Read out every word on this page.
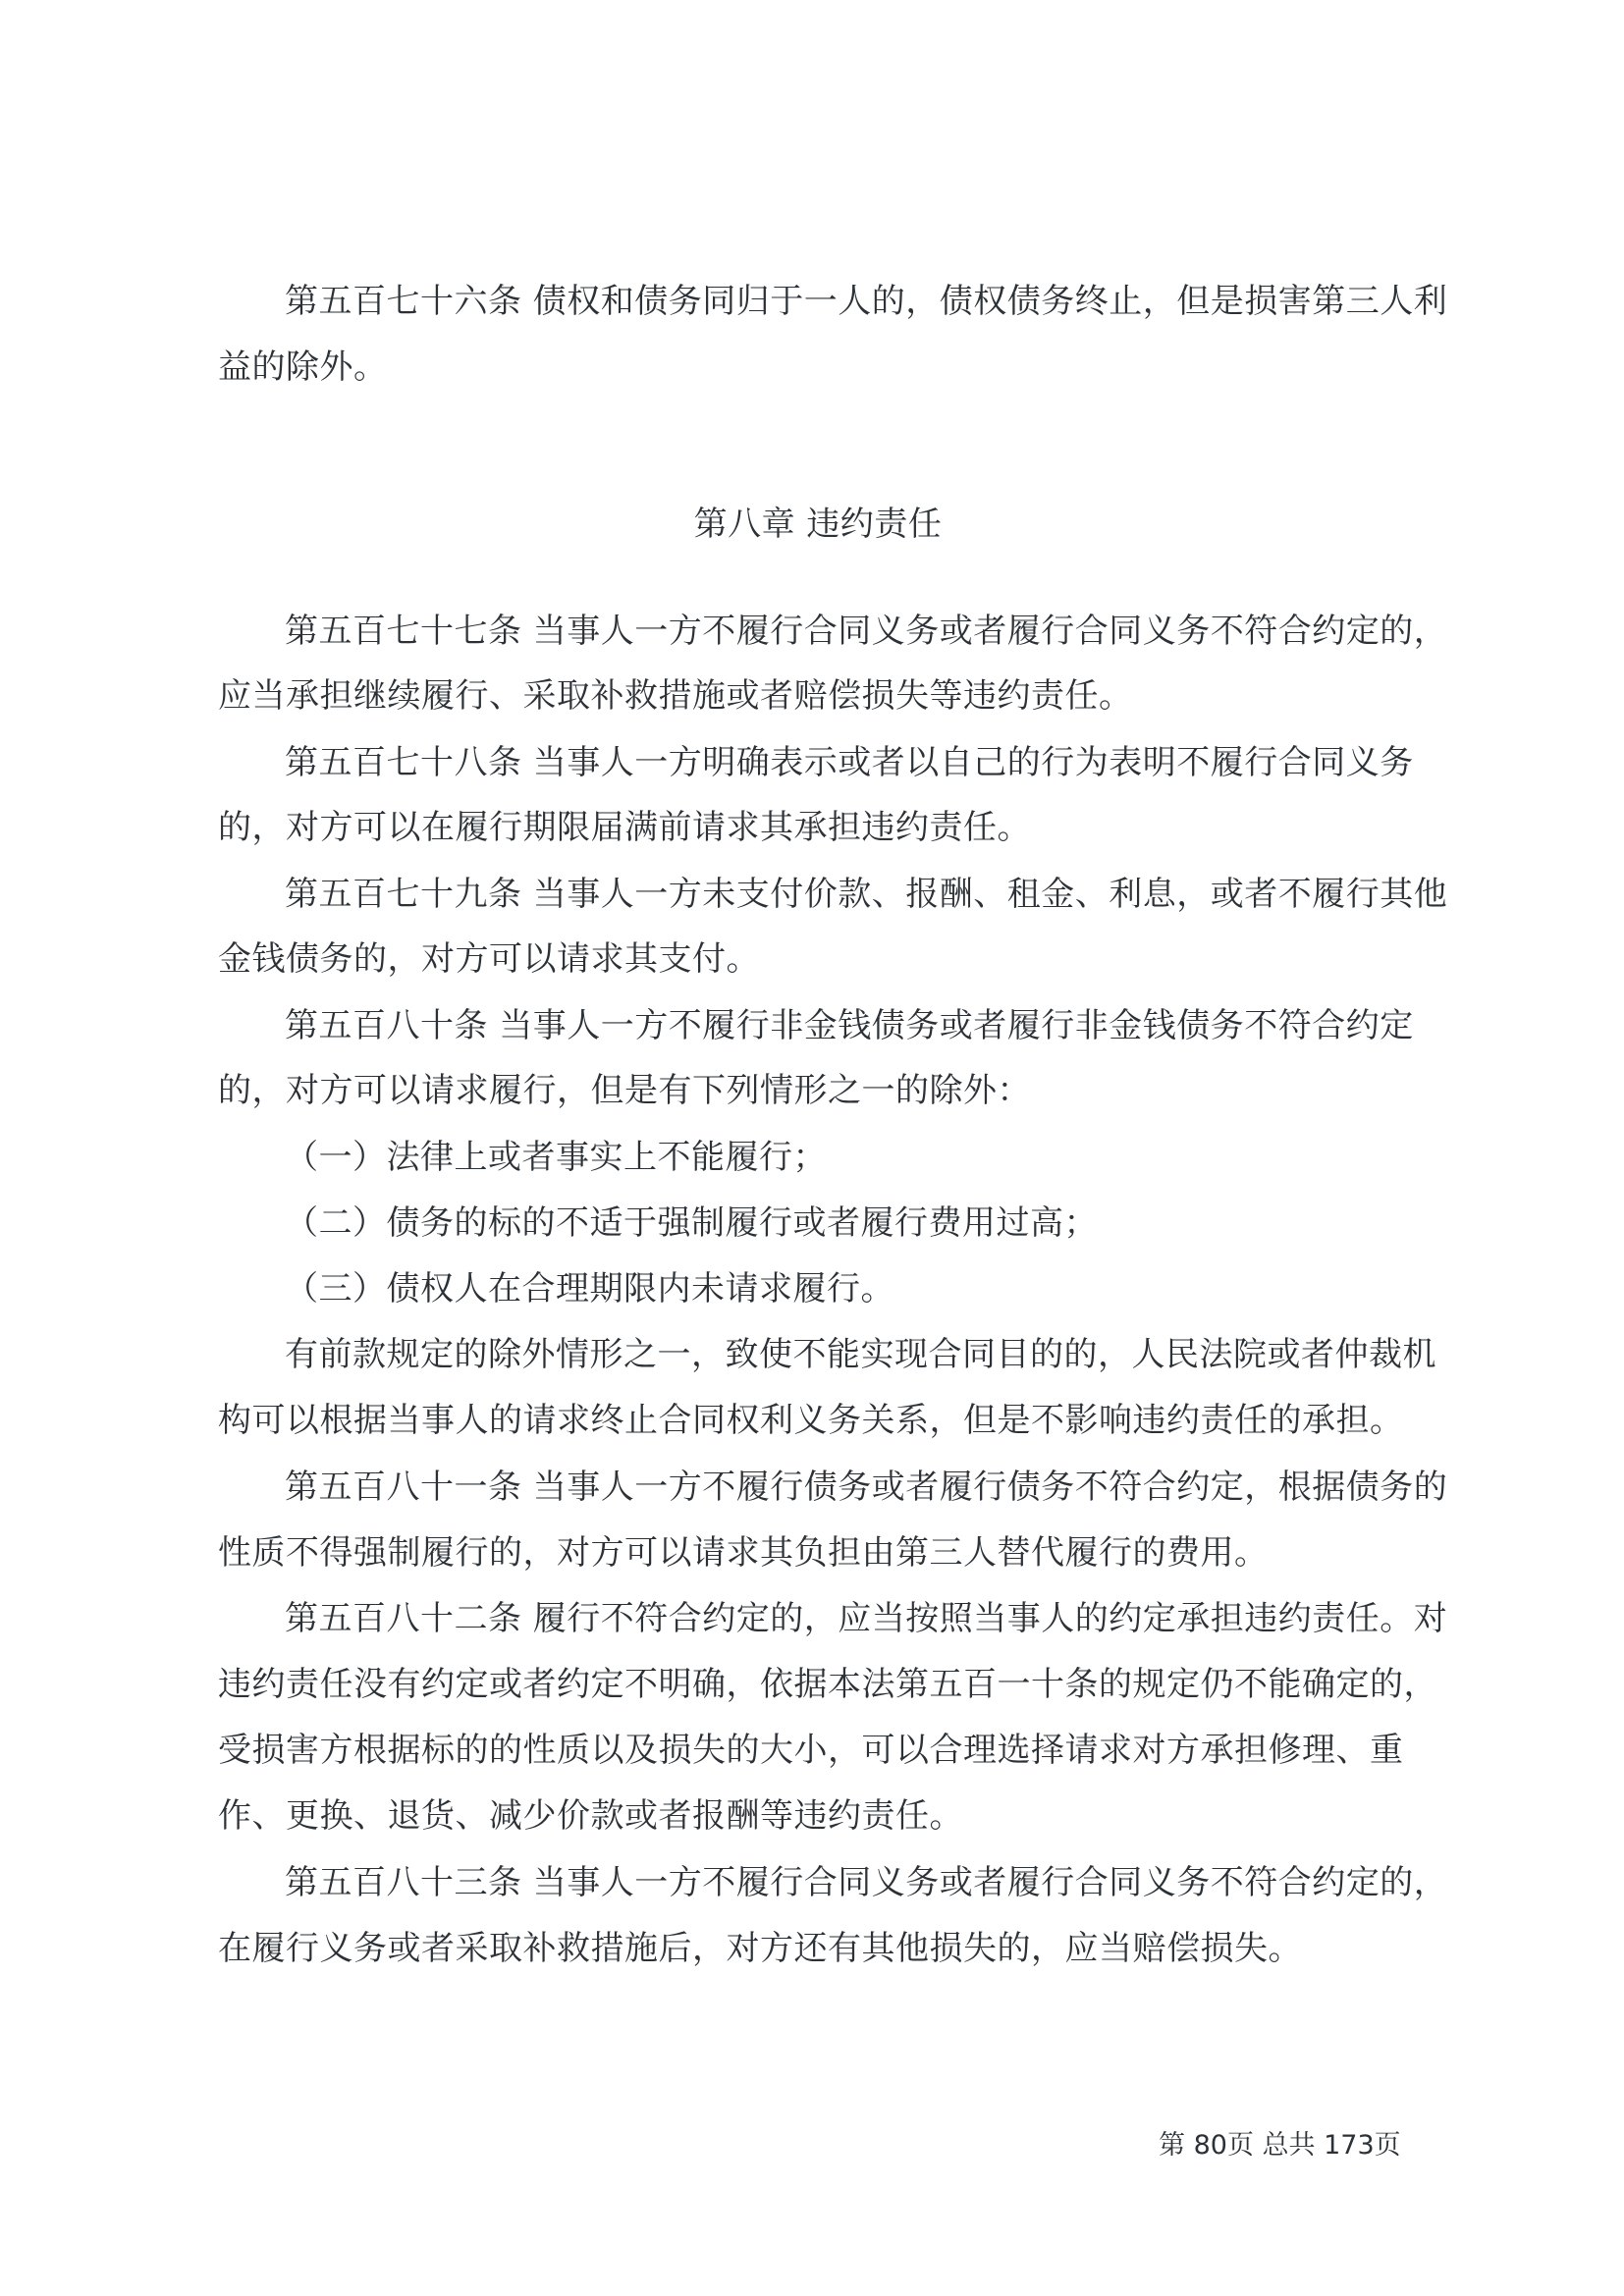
第五百七十六条 债权和债务同归于一人的，债权债务终止，但是损害第三人利
益的除外。
第八章 违约责任
第五百七十七条 当事人一方不履行合同义务或者履行合同义务不符合约定的，
应当承担继续履行、采取补救措施或者赔偿损失等违约责任。
第五百七十八条 当事人一方明确表示或者以自己的行为表明不履行合同义务
的，对方可以在履行期限届满前请求其承担违约责任。
第五百七十九条 当事人一方未支付价款、报酬、租金、利息，或者不履行其他
金钱债务的，对方可以请求其支付。
第五百八十条 当事人一方不履行非金钱债务或者履行非金钱债务不符合约定
的，对方可以请求履行，但是有下列情形之一的除外：
（一）法律上或者事实上不能履行；
（二）债务的标的不适于强制履行或者履行费用过高；
（三）债权人在合理期限内未请求履行。
有前款规定的除外情形之一，致使不能实现合同目的的，人民法院或者仲裁机
构可以根据当事人的请求终止合同权利义务关系，但是不影响违约责任的承担。
第五百八十一条 当事人一方不履行债务或者履行债务不符合约定，根据债务的
性质不得强制履行的，对方可以请求其负担由第三人替代履行的费用。
第五百八十二条 履行不符合约定的，应当按照当事人的约定承担违约责任。对
违约责任没有约定或者约定不明确，依据本法第五百一十条的规定仍不能确定的，
受损害方根据标的的性质以及损失的大小，可以合理选择请求对方承担修理、重
作、更换、退货、减少价款或者报酬等违约责任。
第五百八十三条 当事人一方不履行合同义务或者履行合同义务不符合约定的，
在履行义务或者采取补救措施后，对方还有其他损失的，应当赔偿损失。
第 80页 总共 173页
